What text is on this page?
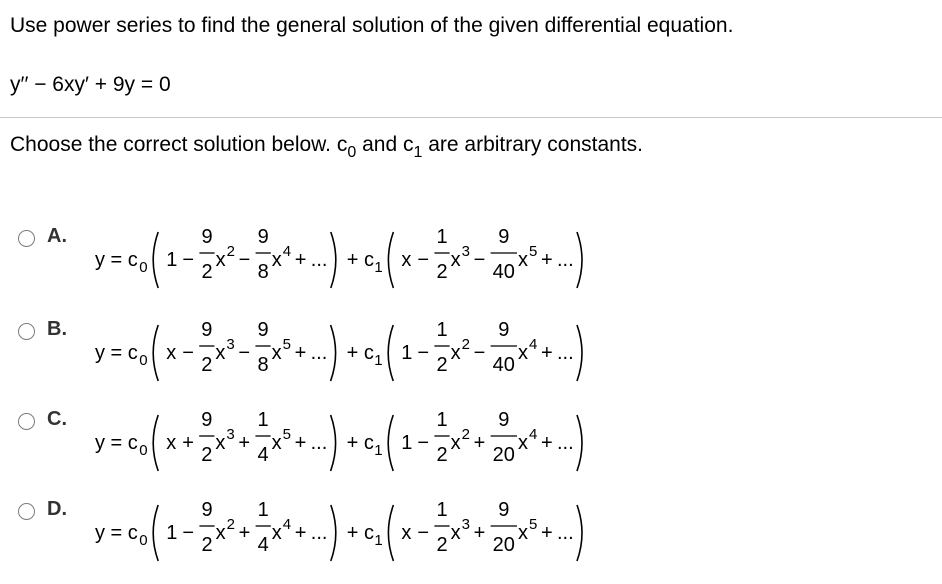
Use power series to find the general solution of the given differential equation.
y′′ − 6xy′ + 9y = 0
Choose the correct solution below. $c_0$ and $c_1$ are arbitrary constants.
A.
y = c 0 1 −
9
2
x 2 −
9
8
x 4 + ... + c 1 x −
1
2
x 3 −
9
40
x 5 + ...
B.
y = c 0 x −
9
2
x 3 −
9
8
x 5 + ... + c 1 1 −
1
2
x 2 −
9
40
x 4 + ...
C.
y = c 0 x +
9
2
x 3 +
1
4
x 5 + ... + c 1 1 −
1
2
x 2 +
9
20
x 4 + ...
D.
y = c 0 1 −
9
2
x 2 +
1
4
x 4 + ... + c 1 x −
1
2
x 3 +
9
20
x 5 + ...
